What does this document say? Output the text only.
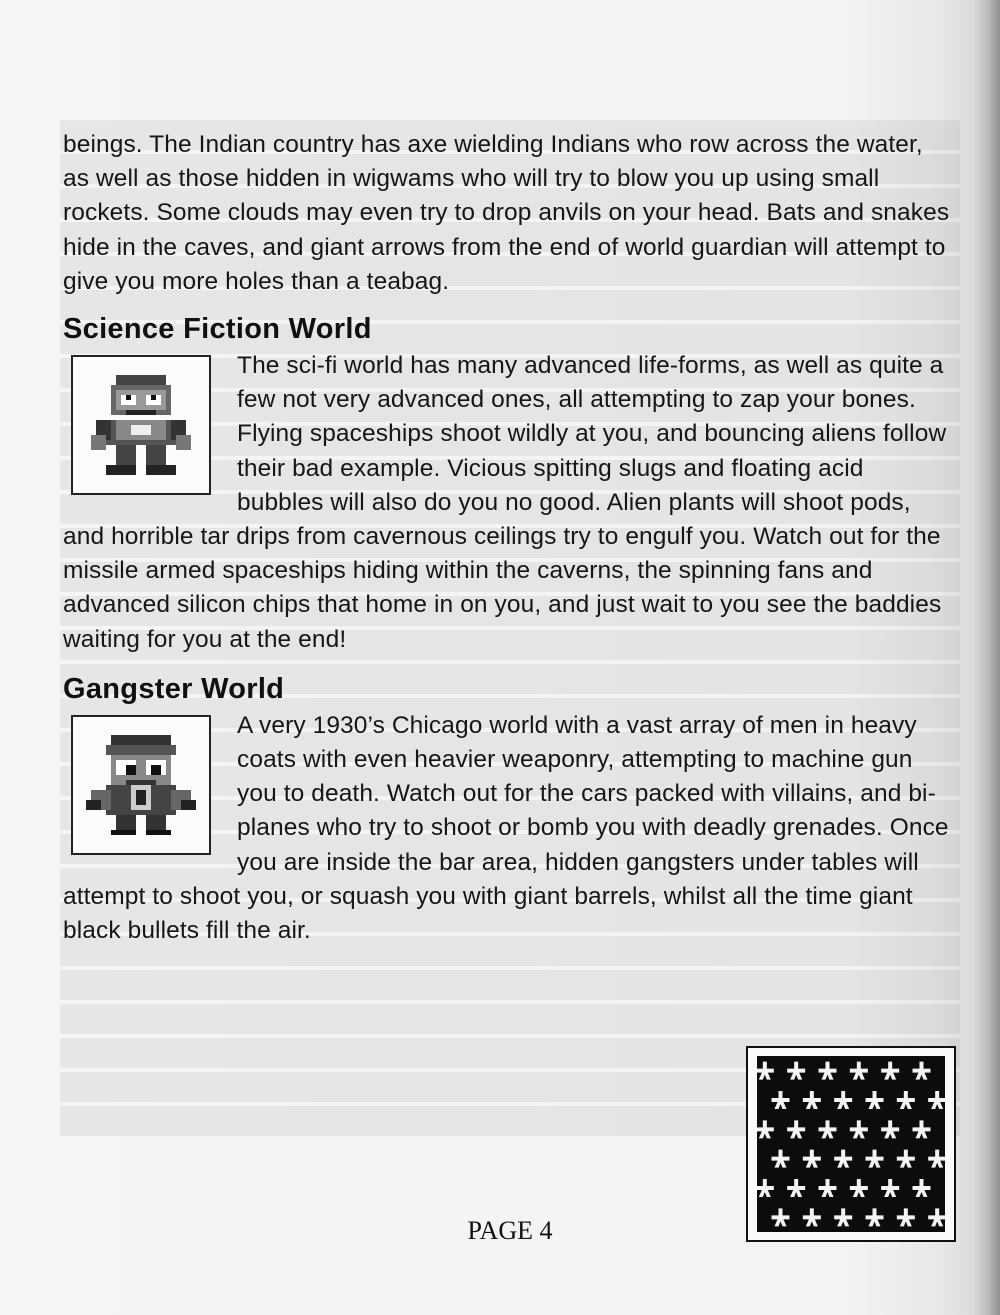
beings. The Indian country has axe wielding Indians who row across the water, as well as those hidden in wigwams who will try to blow you up using small rockets. Some clouds may even try to drop anvils on your head. Bats and snakes hide in the caves, and giant arrows from the end of world guardian will attempt to give you more holes than a teabag.

Science Fiction World

The sci-fi world has many advanced life-forms, as well as quite a few not very advanced ones, all attempting to zap your bones. Flying spaceships shoot wildly at you, and bouncing aliens follow their bad example. Vicious spitting slugs and floating acid bubbles will also do you no good. Alien plants will shoot pods, and horrible tar drips from cavernous ceilings try to engulf you. Watch out for the missile armed spaceships hiding within the caverns, the spinning fans and advanced silicon chips that home in on you, and just wait to you see the baddies waiting for you at the end!

Gangster World

A very 1930’s Chicago world with a vast array of men in heavy coats with even heavier weaponry, attempting to machine gun you to death. Watch out for the cars packed with villains, and bi-planes who try to shoot or bomb you with deadly grenades. Once you are inside the bar area, hidden gangsters under tables will attempt to shoot you, or squash you with giant barrels, whilst all the time giant black bullets fill the air.

PAGE 4
